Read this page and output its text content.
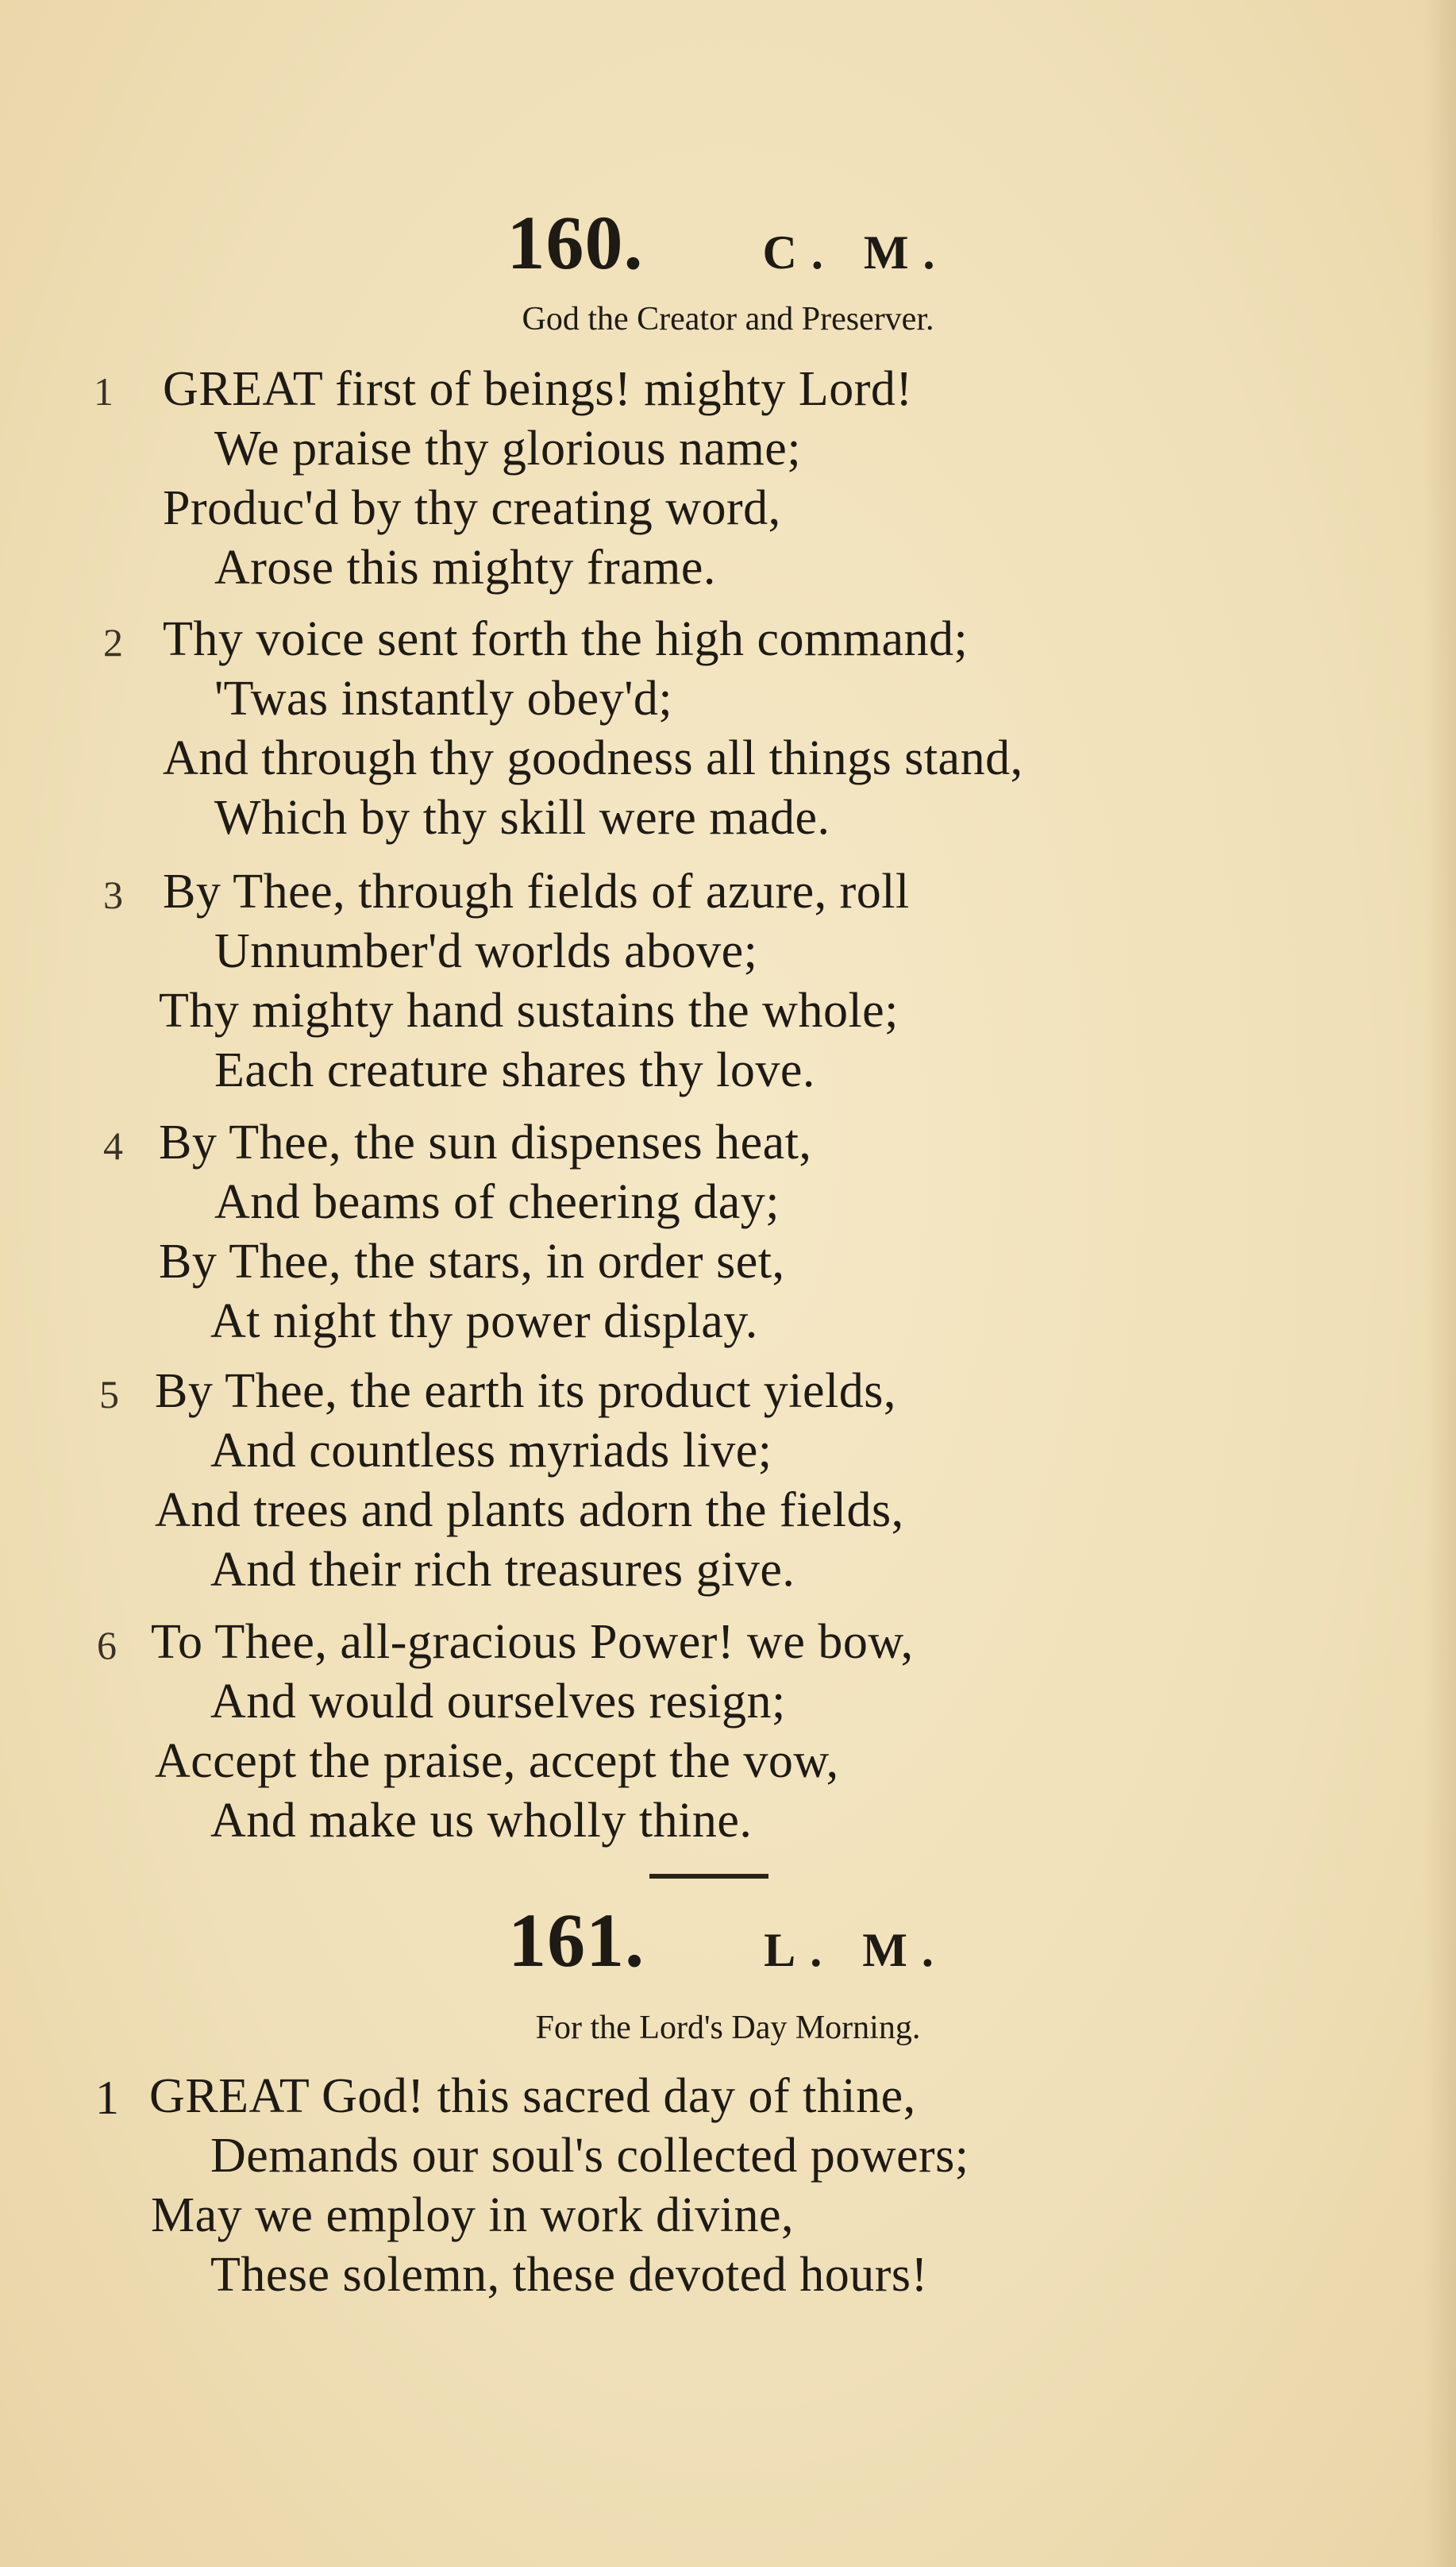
160.	C. M.
God the Creator and Preserver.
1 GREAT first of beings! mighty Lord!
We praise thy glorious name;
Produc'd by thy creating word,
Arose this mighty frame.
2 Thy voice sent forth the high command;
'Twas instantly obey'd;
And through thy goodness all things stand,
Which by thy skill were made.
3 By Thee, through fields of azure, roll
Unnumber'd worlds above;
Thy mighty hand sustains the whole;
Each creature shares thy love.
4 By Thee, the sun dispenses heat,
And beams of cheering day;
By Thee, the stars, in order set,
At night thy power display.
5 By Thee, the earth its product yields,
And countless myriads live;
And trees and plants adorn the fields,
And their rich treasures give.
6 To Thee, all-gracious Power! we bow,
And would ourselves resign;
Accept the praise, accept the vow,
And make us wholly thine.
161.	L. M.
For the Lord's Day Morning.
1 GREAT God! this sacred day of thine,
Demands our soul's collected powers;
May we employ in work divine,
These solemn, these devoted hours!
